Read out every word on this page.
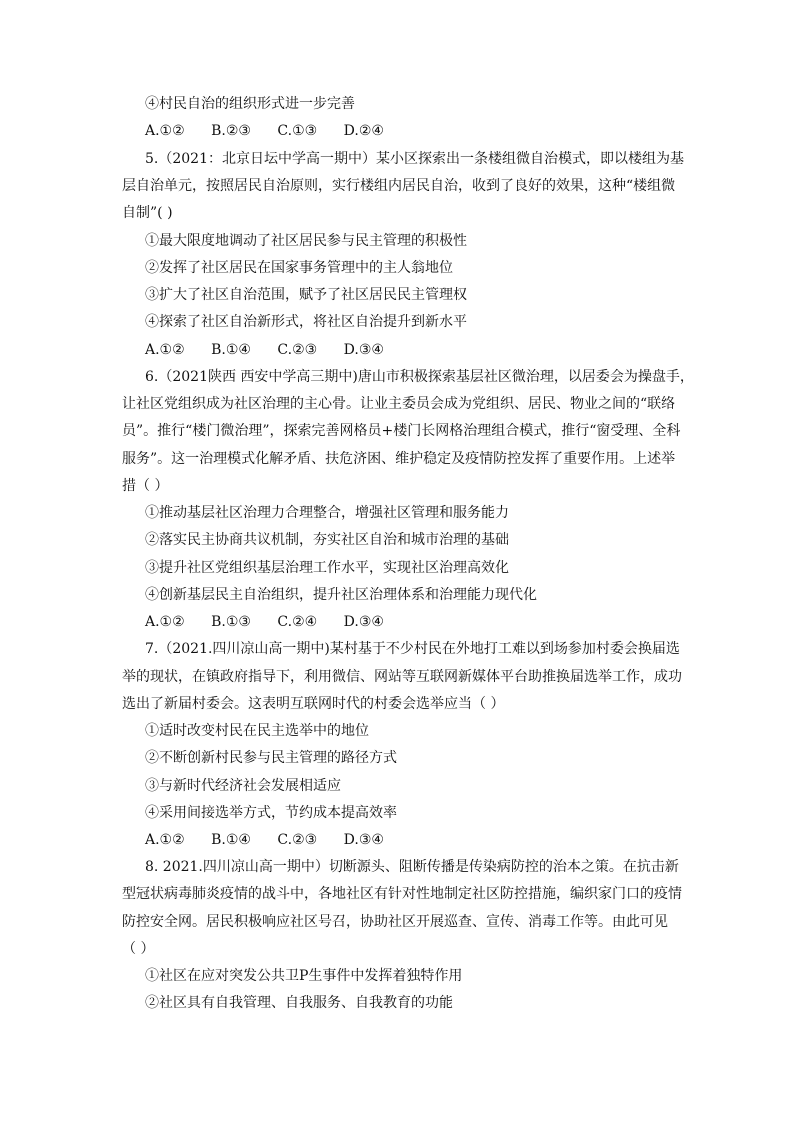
④村民自治的组织形式进一步完善
A.①② B.②③ C.①③ D.②④
5.（2021：北京日坛中学高一期中）某小区探索出一条楼组微自治模式，即以楼组为基
层自治单元，按照居民自治原则，实行楼组内居民自治，收到了良好的效果，这种“楼组微
自制”( )
①最大限度地调动了社区居民参与民主管理的积极性
②发挥了社区居民在国家事务管理中的主人翁地位
③扩大了社区自治范围，赋予了社区居民民主管理权
④探索了社区自治新形式，将社区自治提升到新水平
A.①② B.①④ C.②③ D.③④
6.（2021陕西 西安中学高三期中)唐山市积极探索基层社区微治理，以居委会为操盘手，
让社区党组织成为社区治理的主心骨。让业主委员会成为党组织、居民、物业之间的“联络
员”。推行“楼门微治理”，探索完善网格员+楼门长网格治理组合模式，推行“窗受理、全科
服务”。这一治理模式化解矛盾、扶危济困、维护稳定及疫情防控发挥了重要作用。上述举
措（ ）
①推动基层社区治理力合理整合，增强社区管理和服务能力
②落实民主协商共议机制，夯实社区自治和城市治理的基础
③提升社区党组织基层治理工作水平，实现社区治理高效化
④创新基层民主自治组织，提升社区治理体系和治理能力现代化
A.①② B.①③ C.②④ D.③④
7.（2021.四川凉山高一期中)某村基于不少村民在外地打工难以到场参加村委会换届选
举的现状，在镇政府指导下，利用微信、网站等互联网新媒体平台助推换届选举工作，成功
选出了新届村委会。这表明互联网时代的村委会选举应当（ ）
①适时改变村民在民主选举中的地位
②不断创新村民参与民主管理的路径方式
③与新时代经济社会发展相适应
④采用间接选举方式，节约成本提高效率
A.①② B.①④ C.②③ D.③④
8. 2021.四川凉山高一期中）切断源头、阻断传播是传染病防控的治本之策。在抗击新
型冠状病毒肺炎疫情的战斗中，各地社区有针对性地制定社区防控措施，编织家门口的疫情
防控安全网。居民积极响应社区号召，协助社区开展巡查、宣传、消毒工作等。由此可见
（ ）
①社区在应对突发公共卫P生事件中发挥着独特作用
②社区具有自我管理、自我服务、自我教育的功能
